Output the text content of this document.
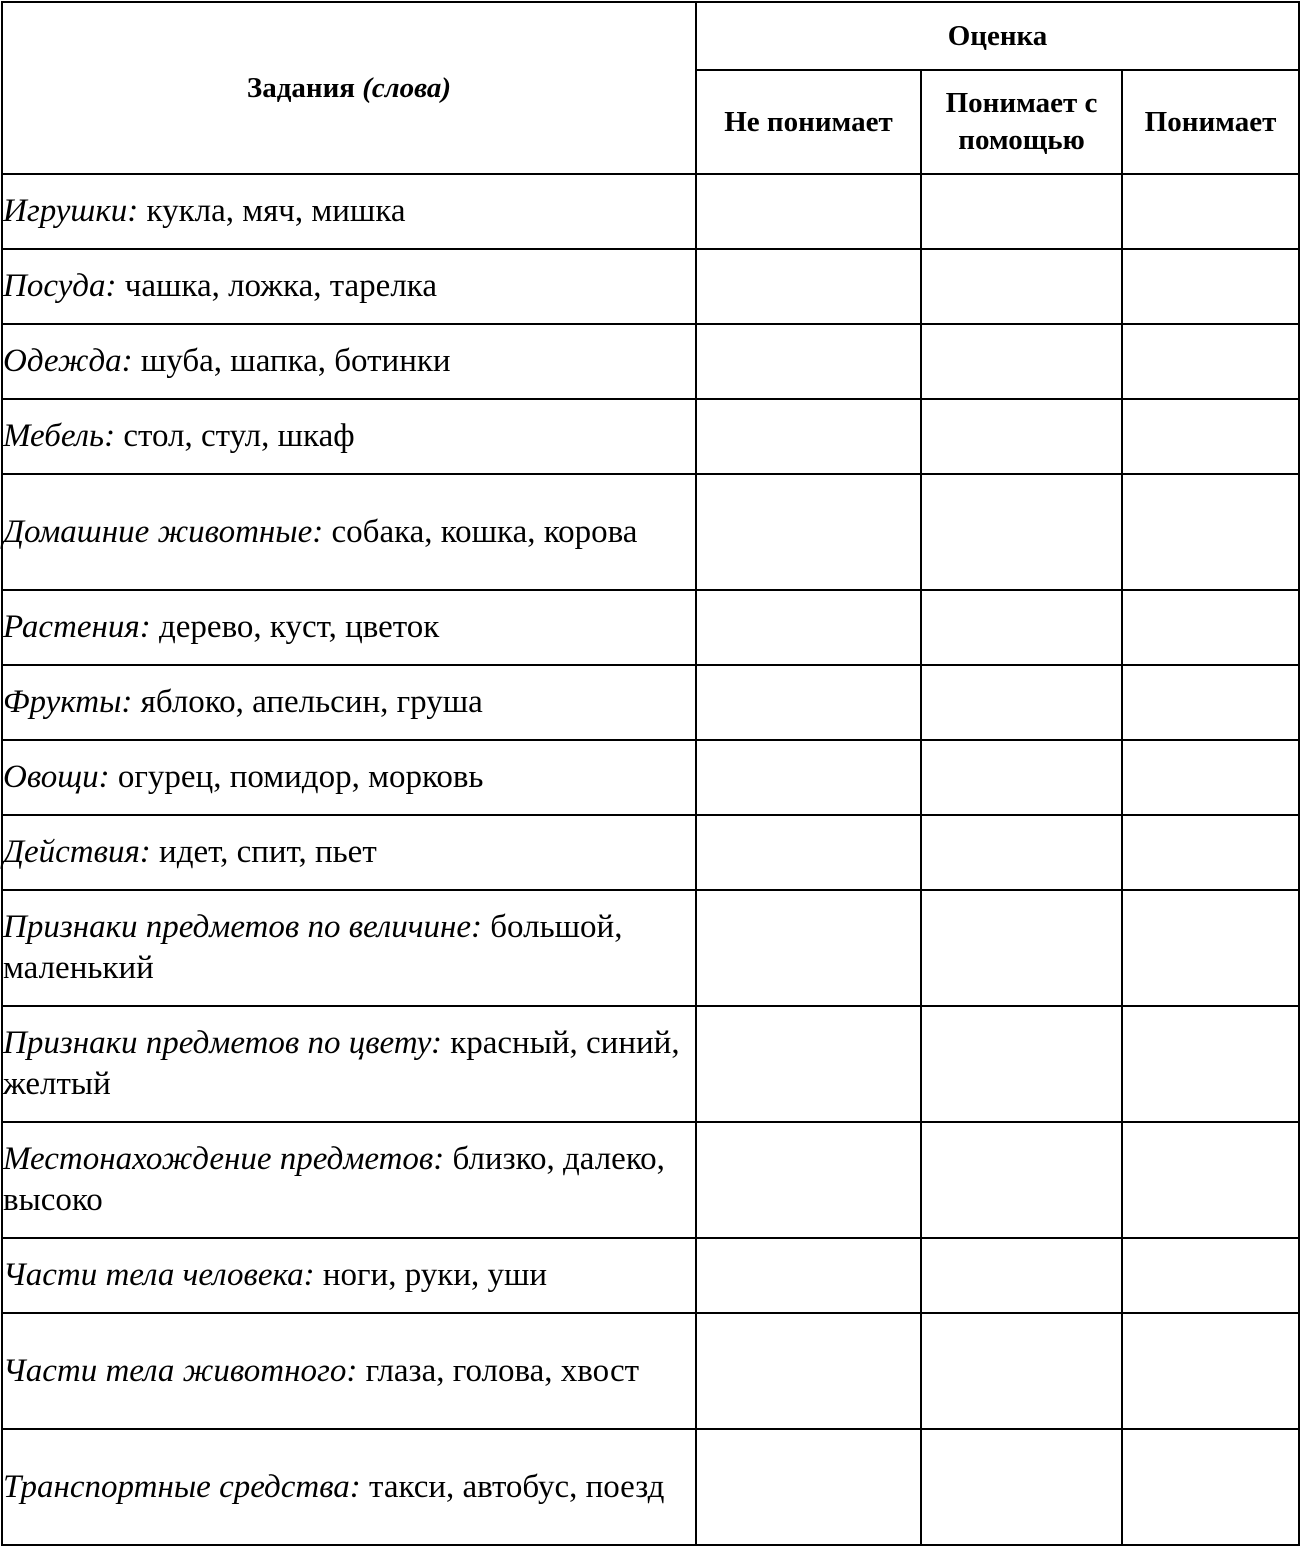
Задания (слова)	Оценка		
	Не понимает	Понимает с помощью	Понимает
Игрушки: кукла, мяч, мишка			
Посуда: чашка, ложка, тарелка			
Одежда: шуба, шапка, ботинки			
Мебель: стол, стул, шкаф			
Домашние животные: собака, кошка, корова			
Растения: дерево, куст, цветок			
Фрукты: яблоко, апельсин, груша			
Овощи: огурец, помидор, морковь			
Действия: идет, спит, пьет			
Признаки предметов по величине: большой, маленький			
Признаки предметов по цвету: красный, синий, желтый			
Местонахождение предметов: близко, далеко, высоко			
Части тела человека: ноги, руки, уши			
Части тела животного: глаза, голова, хвост			
Транспортные средства: такси, автобус, поезд			
